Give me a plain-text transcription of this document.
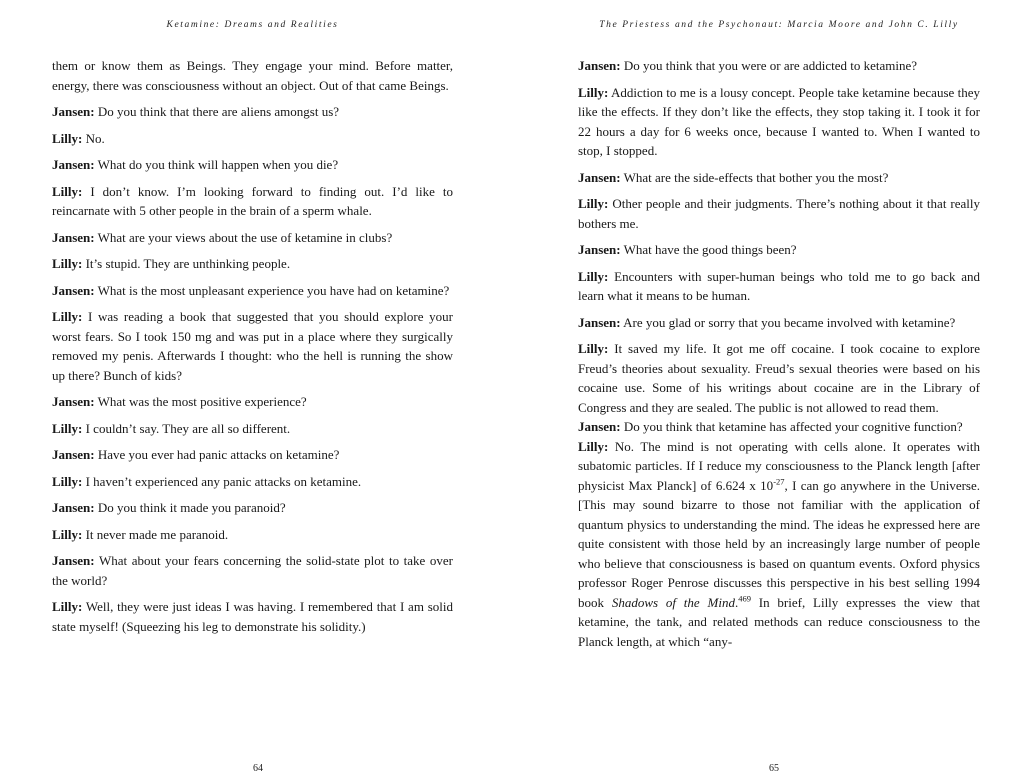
Ketamine: Dreams and Realities

them or know them as Beings. They engage your mind. Before matter, energy, there was consciousness without an object. Out of that came Beings.

Jansen: Do you think that there are aliens amongst us?

Lilly: No.

Jansen: What do you think will happen when you die?

Lilly: I don’t know. I’m looking forward to finding out. I’d like to reincarnate with 5 other people in the brain of a sperm whale.

Jansen: What are your views about the use of ketamine in clubs?

Lilly: It’s stupid. They are unthinking people.

Jansen: What is the most unpleasant experience you have had on ketamine?

Lilly: I was reading a book that suggested that you should explore your worst fears. So I took 150 mg and was put in a place where they surgically removed my penis. Afterwards I thought: who the hell is running the show up there? Bunch of kids?

Jansen: What was the most positive experience?

Lilly: I couldn’t say. They are all so different.

Jansen: Have you ever had panic attacks on ketamine?

Lilly: I haven’t experienced any panic attacks on ketamine.

Jansen: Do you think it made you paranoid?

Lilly: It never made me paranoid.

Jansen: What about your fears concerning the solid-state plot to take over the world?

Lilly: Well, they were just ideas I was having. I remembered that I am solid state myself! (Squeezing his leg to demonstrate his solidity.)

64
The Priestess and the Psychonaut: Marcia Moore and John C. Lilly

Jansen: Do you think that you were or are addicted to ketamine?

Lilly: Addiction to me is a lousy concept. People take ketamine because they like the effects. If they don’t like the effects, they stop taking it. I took it for 22 hours a day for 6 weeks once, because I wanted to. When I wanted to stop, I stopped.

Jansen: What are the side-effects that bother you the most?

Lilly: Other people and their judgments. There’s nothing about it that really bothers me.

Jansen: What have the good things been?

Lilly: Encounters with super-human beings who told me to go back and learn what it means to be human.

Jansen: Are you glad or sorry that you became involved with ketamine?

Lilly: It saved my life. It got me off cocaine. I took cocaine to explore Freud’s theories about sexuality. Freud’s sexual theories were based on his cocaine use. Some of his writings about cocaine are in the Library of Congress and they are sealed. The public is not allowed to read them.

Jansen: Do you think that ketamine has affected your cognitive function?

Lilly: No. The mind is not operating with cells alone. It operates with subatomic particles. If I reduce my consciousness to the Planck length [after physicist Max Planck] of 6.624 x $10^{-27}$, I can go anywhere in the Universe. [This may sound bizarre to those not familiar with the application of quantum physics to understanding the mind. The ideas he expressed here are quite consistent with those held by an increasingly large number of people who believe that consciousness is based on quantum events. Oxford physics professor Roger Penrose discusses this perspective in his best selling 1994 book Shadows of the Mind.$^{469}$ In brief, Lilly expresses the view that ketamine, the tank, and related methods can reduce consciousness to the Planck length, at which “any-

65
